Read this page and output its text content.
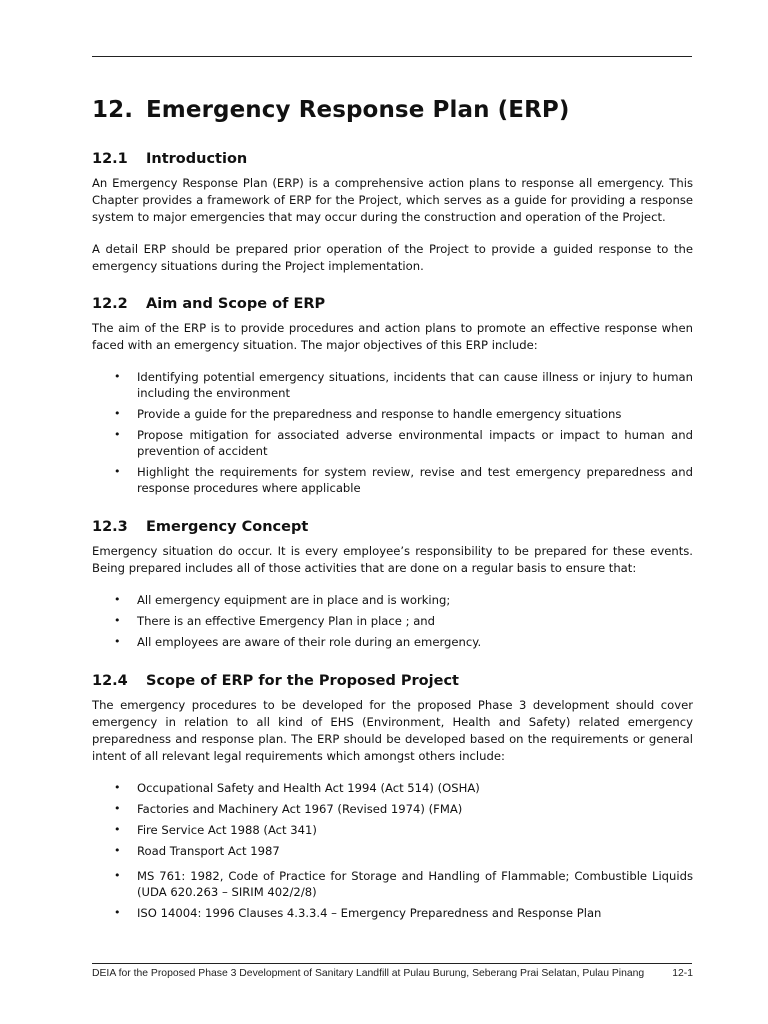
12. Emergency Response Plan (ERP)
12.1 Introduction

An Emergency Response Plan (ERP) is a comprehensive action plans to response all emergency. This Chapter provides a framework of ERP for the Project, which serves as a guide for providing a response system to major emergencies that may occur during the construction and operation of the Project.

A detail ERP should be prepared prior operation of the Project to provide a guided response to the emergency situations during the Project implementation.

12.2 Aim and Scope of ERP

The aim of the ERP is to provide procedures and action plans to promote an effective response when faced with an emergency situation. The major objectives of this ERP include:

• Identifying potential emergency situations, incidents that can cause illness or injury to human including the environment
• Provide a guide for the preparedness and response to handle emergency situations
• Propose mitigation for associated adverse environmental impacts or impact to human and prevention of accident
• Highlight the requirements for system review, revise and test emergency preparedness and response procedures where applicable
12.3 Emergency Concept

Emergency situation do occur. It is every employee’s responsibility to be prepared for these events. Being prepared includes all of those activities that are done on a regular basis to ensure that:

• All emergency equipment are in place and is working;
• There is an effective Emergency Plan in place ; and
• All employees are aware of their role during an emergency.
12.4 Scope of ERP for the Proposed Project

The emergency procedures to be developed for the proposed Phase 3 development should cover emergency in relation to all kind of EHS (Environment, Health and Safety) related emergency preparedness and response plan. The ERP should be developed based on the requirements or general intent of all relevant legal requirements which amongst others include:

• Occupational Safety and Health Act 1994 (Act 514) (OSHA)
• Factories and Machinery Act 1967 (Revised 1974) (FMA)
• Fire Service Act 1988 (Act 341)
• Road Transport Act 1987
• MS 761: 1982, Code of Practice for Storage and Handling of Flammable; Combustible Liquids (UDA 620.263 – SIRIM 402/2/8)
• ISO 14004: 1996 Clauses 4.3.3.4 – Emergency Preparedness and Response Plan
DEIA for the Proposed Phase 3 Development of Sanitary Landfill at Pulau Burung, Seberang Prai Selatan, Pulau Pinang	12-1
